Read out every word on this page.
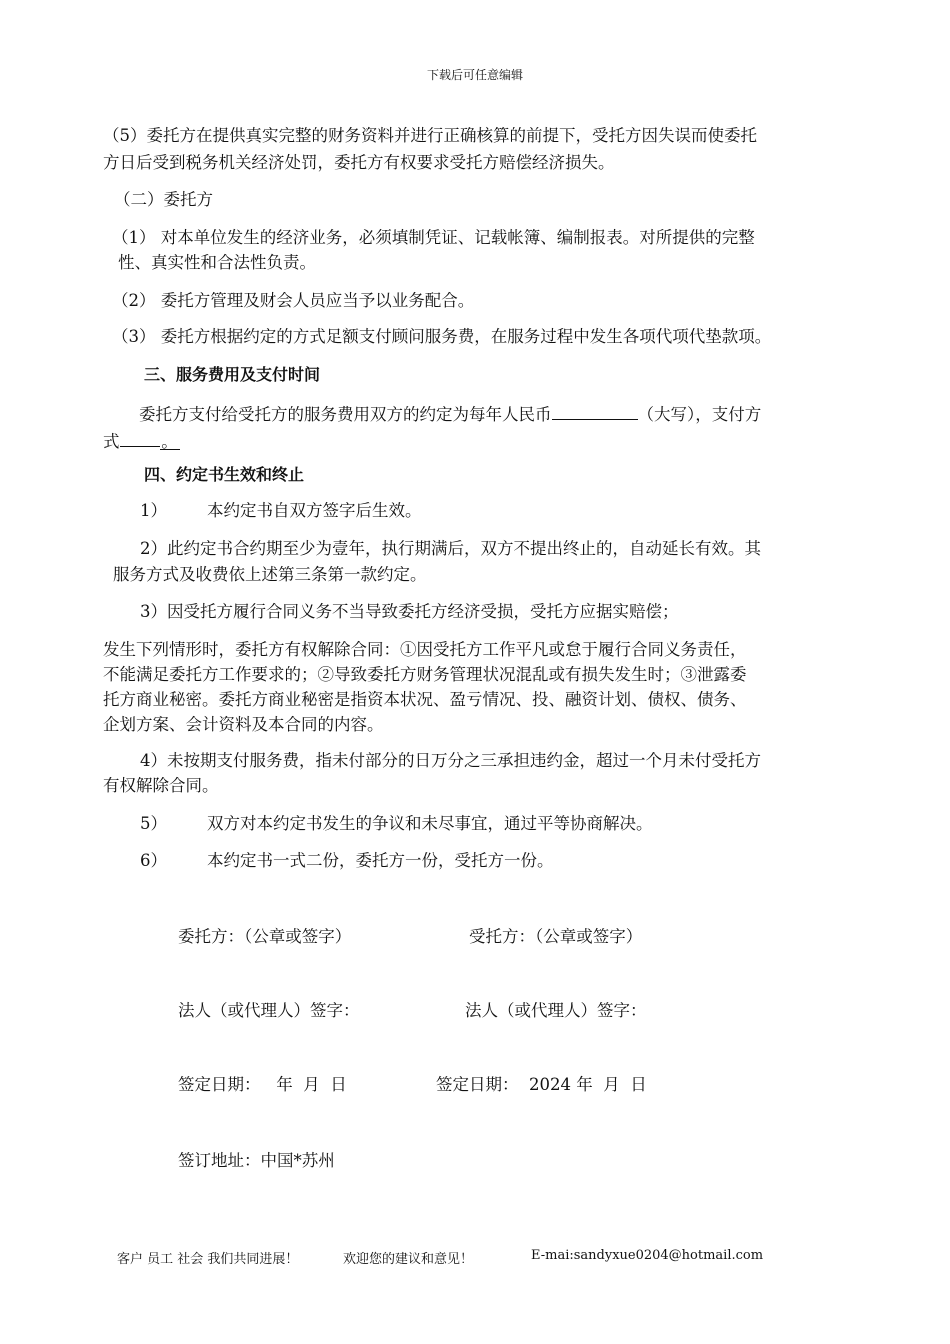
下载后可任意编辑
（5）委托方在提供真实完整的财务资料并进行正确核算的前提下，受托方因失误而使委托
方日后受到税务机关经济处罚，委托方有权要求受托方赔偿经济损失。
（二）委托方
（1） 对本单位发生的经济业务，必须填制凭证、记载帐簿、编制报表。对所提供的完整
性、真实性和合法性负责。
（2） 委托方管理及财会人员应当予以业务配合。
（3） 委托方根据约定的方式足额支付顾问服务费，在服务过程中发生各项代项代垫款项。
三、服务费用及支付时间
委托方支付给受托方的服务费用双方的约定为每年人民币	（大写），支付方
式	。
四、约定书生效和终止
1） 本约定书自双方签字后生效。
2）此约定书合约期至少为壹年，执行期满后，双方不提出终止的，自动延长有效。其
服务方式及收费依上述第三条第一款约定。
3）因受托方履行合同义务不当导致委托方经济受损，受托方应据实赔偿；
发生下列情形时，委托方有权解除合同：①因受托方工作平凡或怠于履行合同义务责任，
不能满足委托方工作要求的；②导致委托方财务管理状况混乱或有损失发生时；③泄露委
托方商业秘密。委托方商业秘密是指资本状况、盈亏情况、投、融资计划、债权、债务、
企划方案、会计资料及本合同的内容。
4）未按期支付服务费，指未付部分的日万分之三承担违约金，超过一个月未付受托方
有权解除合同。
5） 双方对本约定书发生的争议和未尽事宜，通过平等协商解决。
6） 本约定书一式二份，委托方一份，受托方一份。
委托方：（公章或签字）	受托方：（公章或签字）
法人（或代理人）签字：	法人（或代理人）签字：
签定日期：   年  月  日	签定日期：  2024 年  月  日
签订地址：中国*苏州
客户 员工 社会 我们共同进展！	欢迎您的建议和意见！	E-mai:sandyxue0204@hotmail.com
